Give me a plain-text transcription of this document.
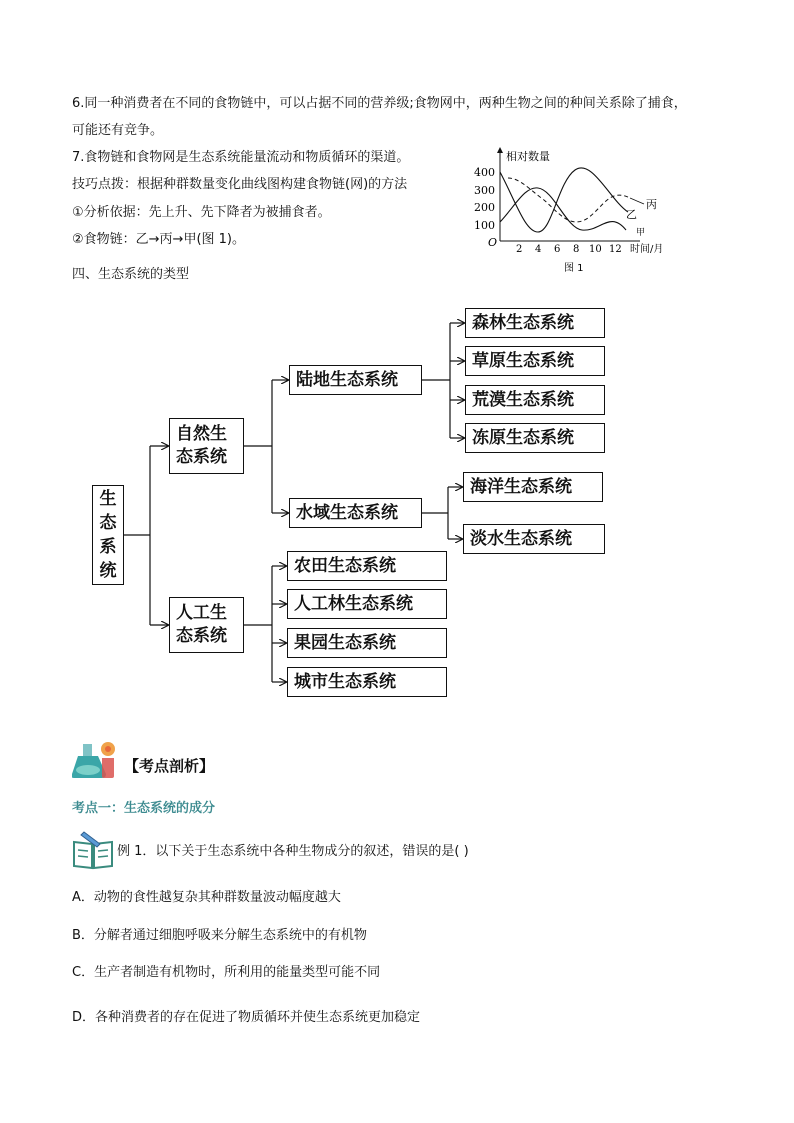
6.同一种消费者在不同的食物链中，可以占据不同的营养级;食物网中，两种生物之间的种间关系除了捕食，
可能还有竞争。
7.食物链和食物网是生态系统能量流动和物质循环的渠道。
技巧点拨：根据种群数量变化曲线图构建食物链(网)的方法
①分析依据：先上升、先下降者为被捕食者。
②食物链：乙→丙→甲(图 1)。
400
300
200
100
O
相对数量
2 4 6 8 10 12 时间/月
丙
乙
甲
图 1
四、生态系统的类型
生
态
系
统
自然生
态系统
人工生
态系统
陆地生态系统
水域生态系统
森林生态系统
草原生态系统
荒漠生态系统
冻原生态系统
海洋生态系统
淡水生态系统
农田生态系统
人工林生态系统
果园生态系统
城市生态系统
【考点剖析】
考点一：生态系统的成分
例 1．以下关于生态系统中各种生物成分的叙述，错误的是( )
A．动物的食性越复杂其种群数量波动幅度越大
B．分解者通过细胞呼吸来分解生态系统中的有机物
C．生产者制造有机物时，所利用的能量类型可能不同
D．各种消费者的存在促进了物质循环并使生态系统更加稳定
